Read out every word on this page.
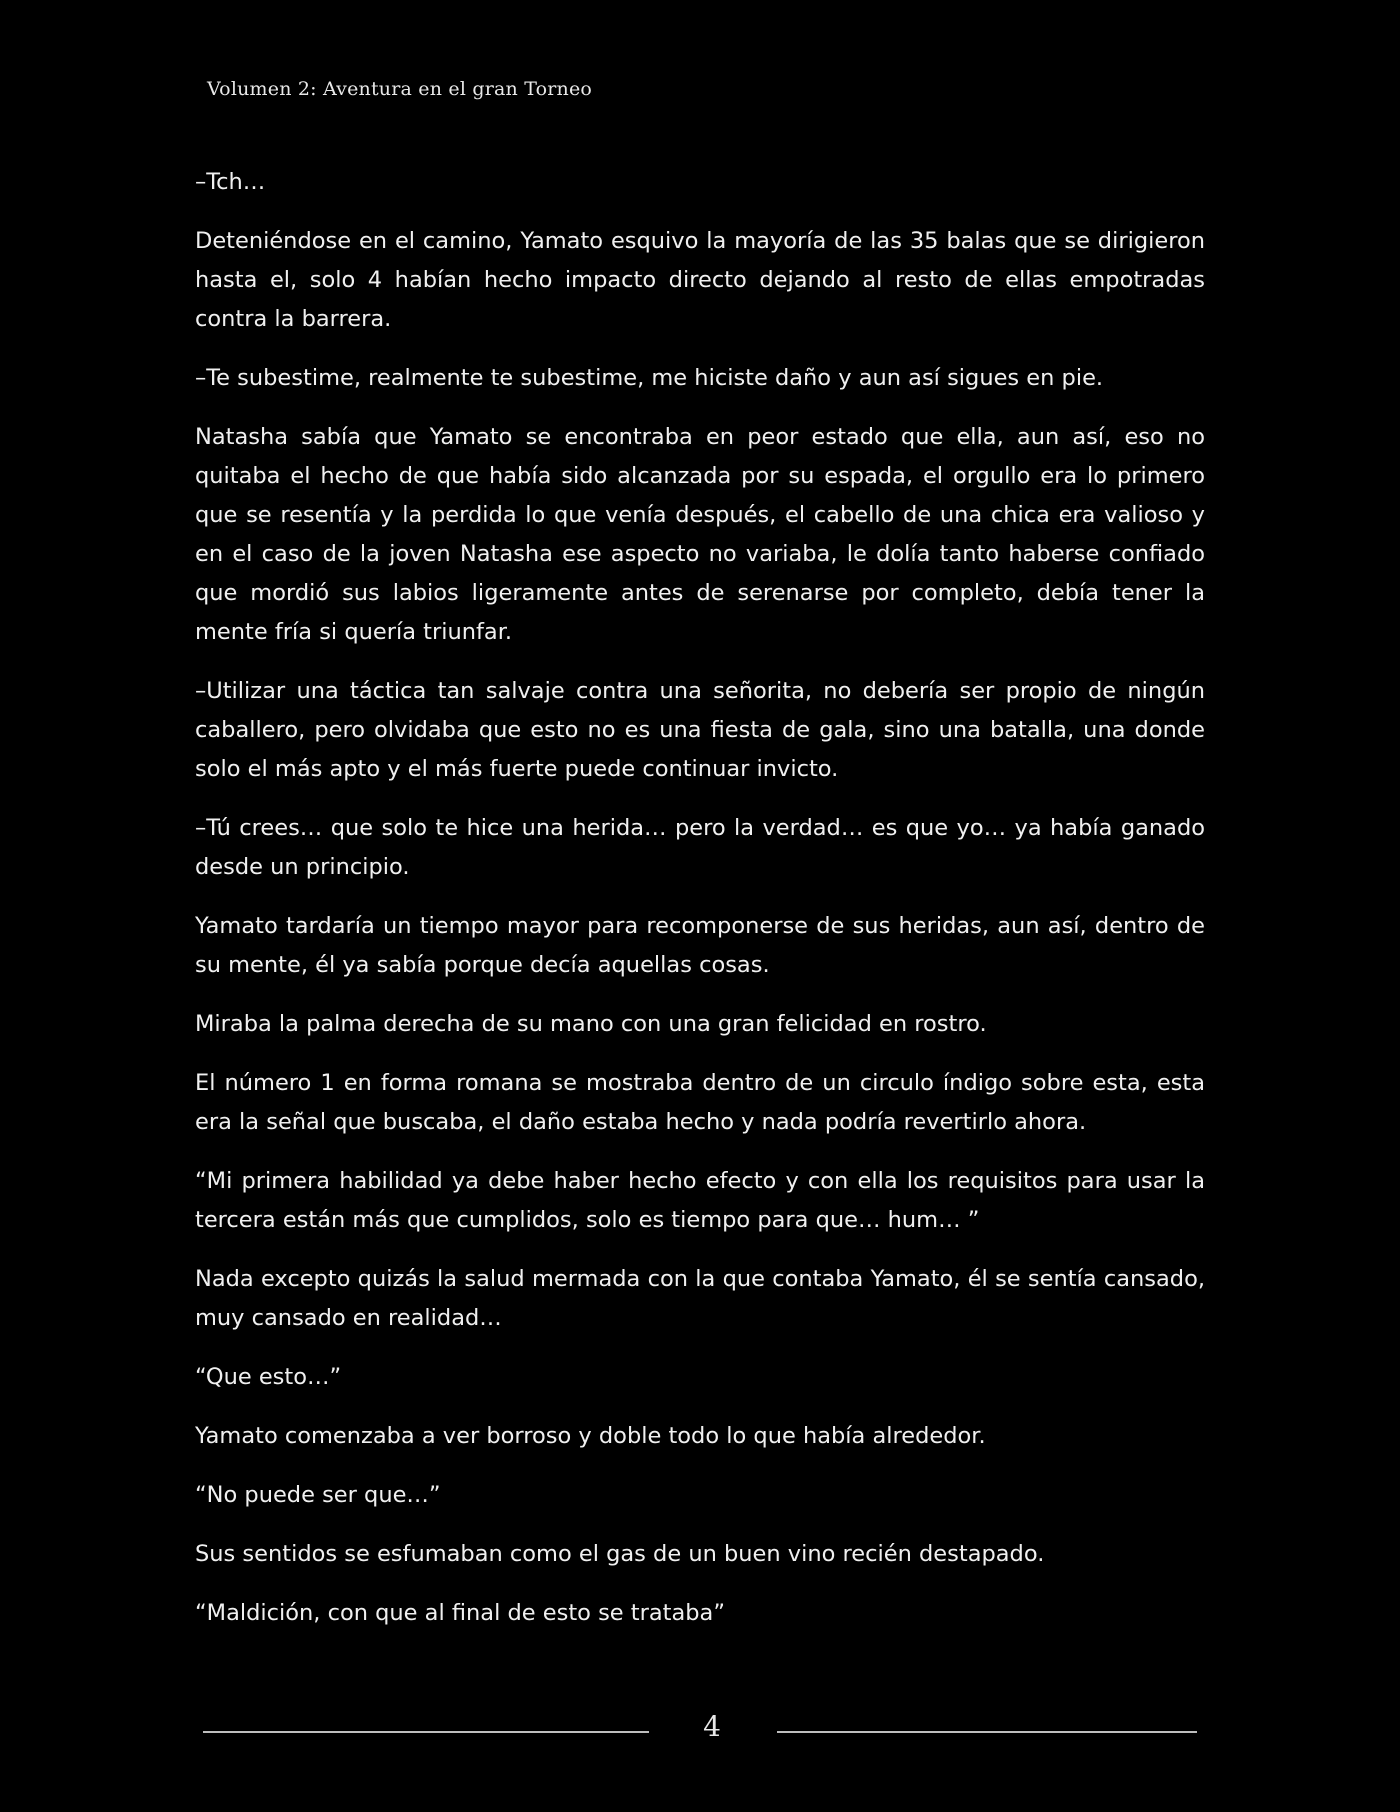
Volumen 2: Aventura en el gran Torneo

–Tch…

Deteniéndose en el camino, Yamato esquivo la mayoría de las 35 balas que se dirigieron hasta el, solo 4 habían hecho impacto directo dejando al resto de ellas empotradas contra la barrera.

–Te subestime, realmente te subestime, me hiciste daño y aun así sigues en pie.

Natasha sabía que Yamato se encontraba en peor estado que ella, aun así, eso no quitaba el hecho de que había sido alcanzada por su espada, el orgullo era lo primero que se resentía y la perdida lo que venía después, el cabello de una chica era valioso y en el caso de la joven Natasha ese aspecto no variaba, le dolía tanto haberse confiado que mordió sus labios ligeramente antes de serenarse por completo, debía tener la mente fría si quería triunfar.

–Utilizar una táctica tan salvaje contra una señorita, no debería ser propio de ningún caballero, pero olvidaba que esto no es una fiesta de gala, sino una batalla, una donde solo el más apto y el más fuerte puede continuar invicto.

–Tú crees… que solo te hice una herida… pero la verdad… es que yo… ya había ganado desde un principio.

Yamato tardaría un tiempo mayor para recomponerse de sus heridas, aun así, dentro de su mente, él ya sabía porque decía aquellas cosas.

Miraba la palma derecha de su mano con una gran felicidad en rostro.

El número 1 en forma romana se mostraba dentro de un circulo índigo sobre esta, esta era la señal que buscaba, el daño estaba hecho y nada podría revertirlo ahora.

“Mi primera habilidad ya debe haber hecho efecto y con ella los requisitos para usar la tercera están más que cumplidos, solo es tiempo para que… hum… ”

Nada excepto quizás la salud mermada con la que contaba Yamato, él se sentía cansado, muy cansado en realidad…

“Que esto…”

Yamato comenzaba a ver borroso y doble todo lo que había alrededor.

“No puede ser que…”

Sus sentidos se esfumaban como el gas de un buen vino recién destapado.

“Maldición, con que al final de esto se trataba”

4
